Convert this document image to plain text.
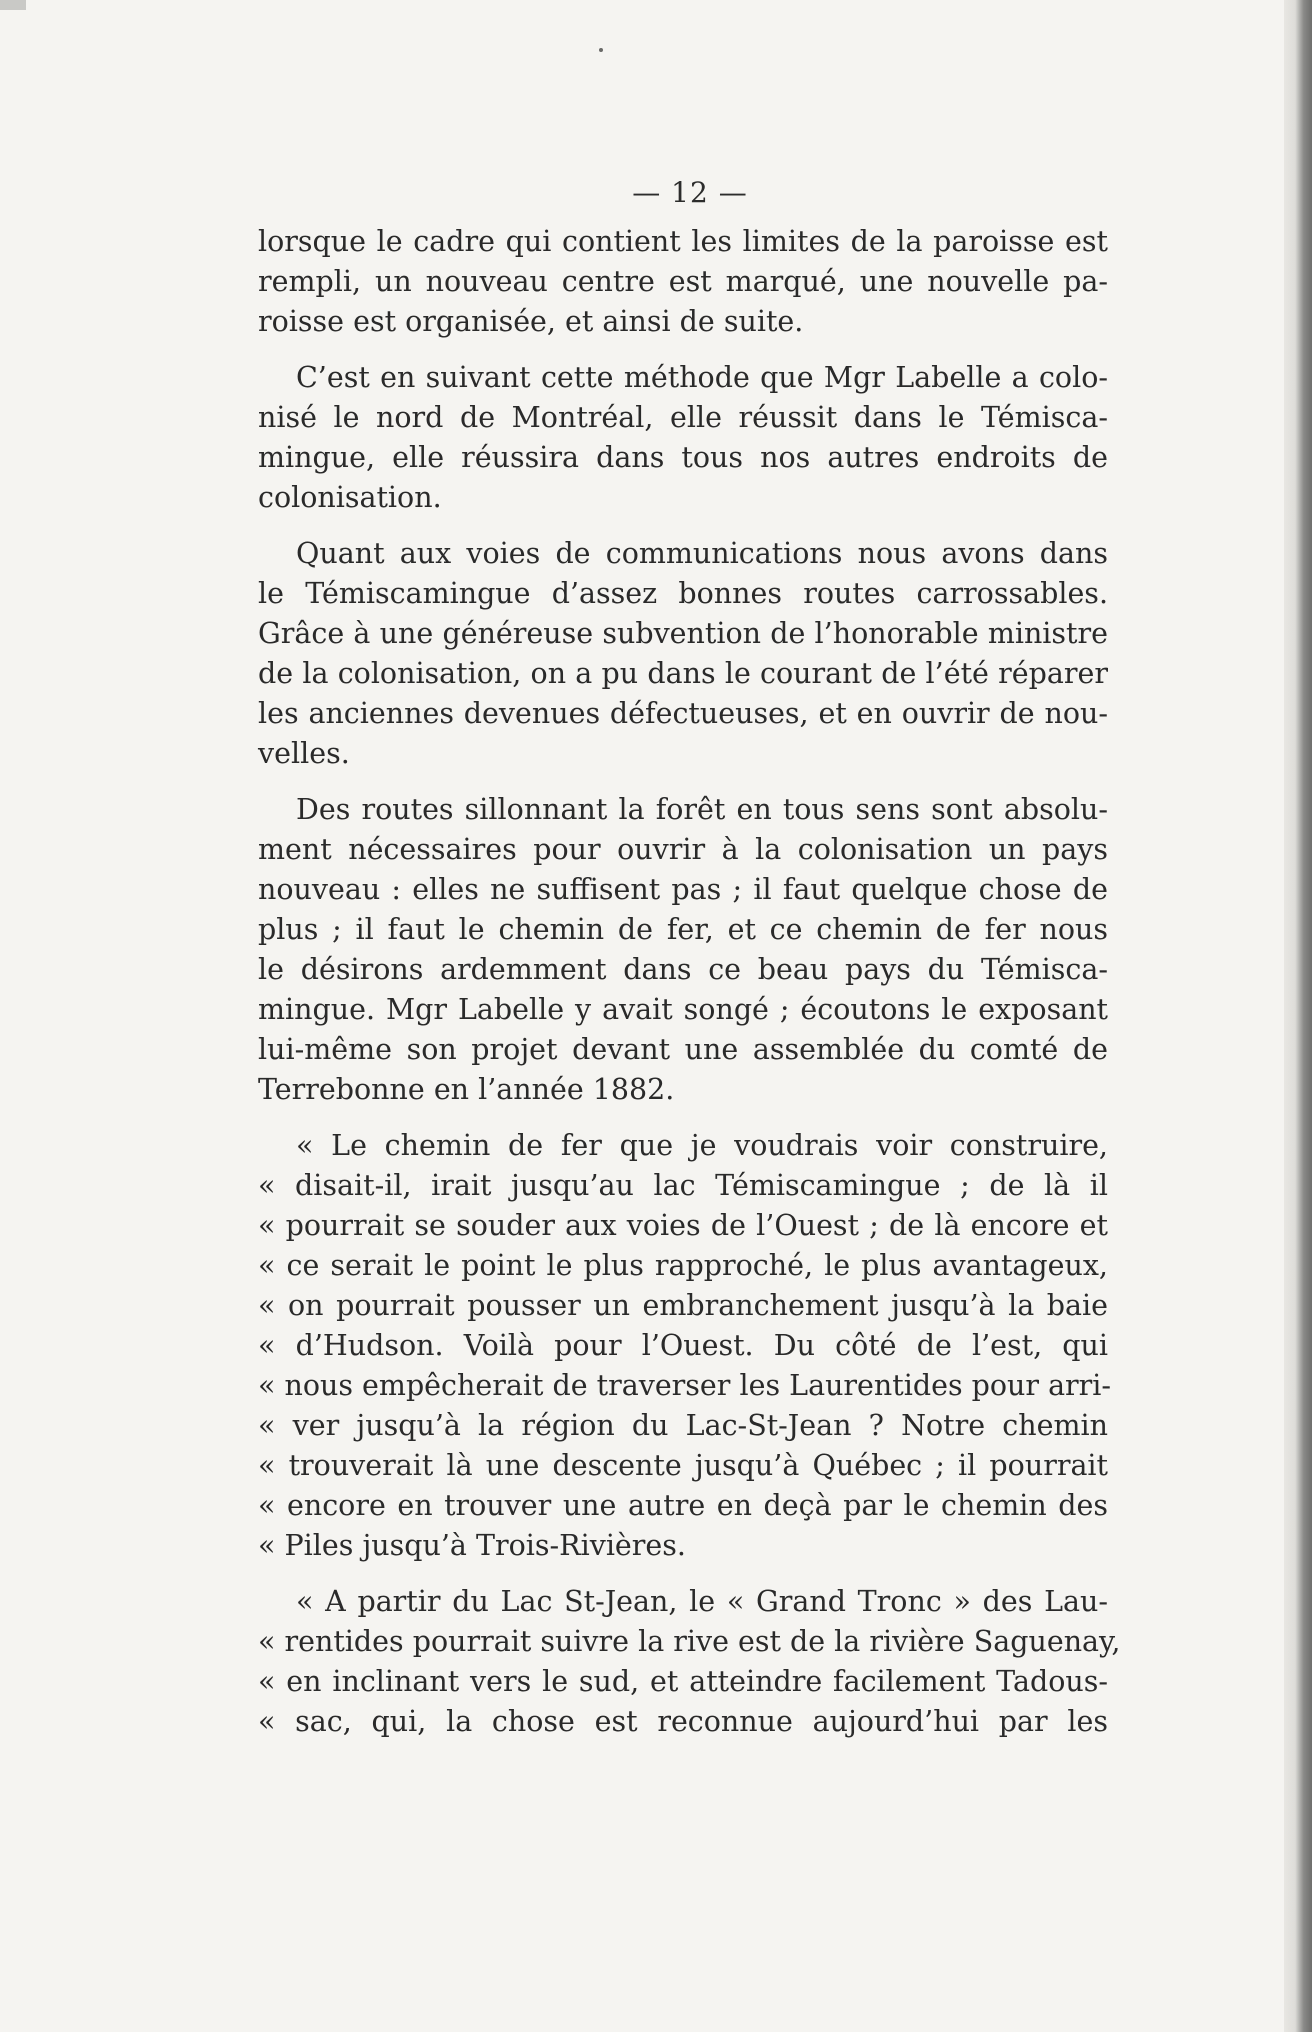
— 12 —
lorsque le cadre qui contient les limites de la paroisse est
rempli, un nouveau centre est marqué, une nouvelle pa-
roisse est organisée, et ainsi de suite.
C’est en suivant cette méthode que Mgr Labelle a colo-
nisé le nord de Montréal, elle réussit dans le Témisca-
mingue, elle réussira dans tous nos autres endroits de
colonisation.
Quant aux voies de communications nous avons dans
le Témiscamingue d’assez bonnes routes carrossables.
Grâce à une généreuse subvention de l’honorable ministre
de la colonisation, on a pu dans le courant de l’été réparer
les anciennes devenues défectueuses, et en ouvrir de nou-
velles.
Des routes sillonnant la forêt en tous sens sont absolu-
ment nécessaires pour ouvrir à la colonisation un pays
nouveau : elles ne suffisent pas ; il faut quelque chose de
plus ; il faut le chemin de fer, et ce chemin de fer nous
le désirons ardemment dans ce beau pays du Témisca-
mingue. Mgr Labelle y avait songé ; écoutons le exposant
lui-même son projet devant une assemblée du comté de
Terrebonne en l’année 1882.
« Le chemin de fer que je voudrais voir construire,
« disait-il, irait jusqu’au lac Témiscamingue ; de là il
« pourrait se souder aux voies de l’Ouest ; de là encore et
« ce serait le point le plus rapproché, le plus avantageux,
« on pourrait pousser un embranchement jusqu’à la baie
« d’Hudson. Voilà pour l’Ouest. Du côté de l’est, qui
« nous empêcherait de traverser les Laurentides pour arri-
« ver jusqu’à la région du Lac-St-Jean ? Notre chemin
« trouverait là une descente jusqu’à Québec ; il pourrait
« encore en trouver une autre en deçà par le chemin des
« Piles jusqu’à Trois-Rivières.
« A partir du Lac St-Jean, le « Grand Tronc » des Lau-
« rentides pourrait suivre la rive est de la rivière Saguenay,
« en inclinant vers le sud, et atteindre facilement Tadous-
« sac, qui, la chose est reconnue aujourd’hui par les
